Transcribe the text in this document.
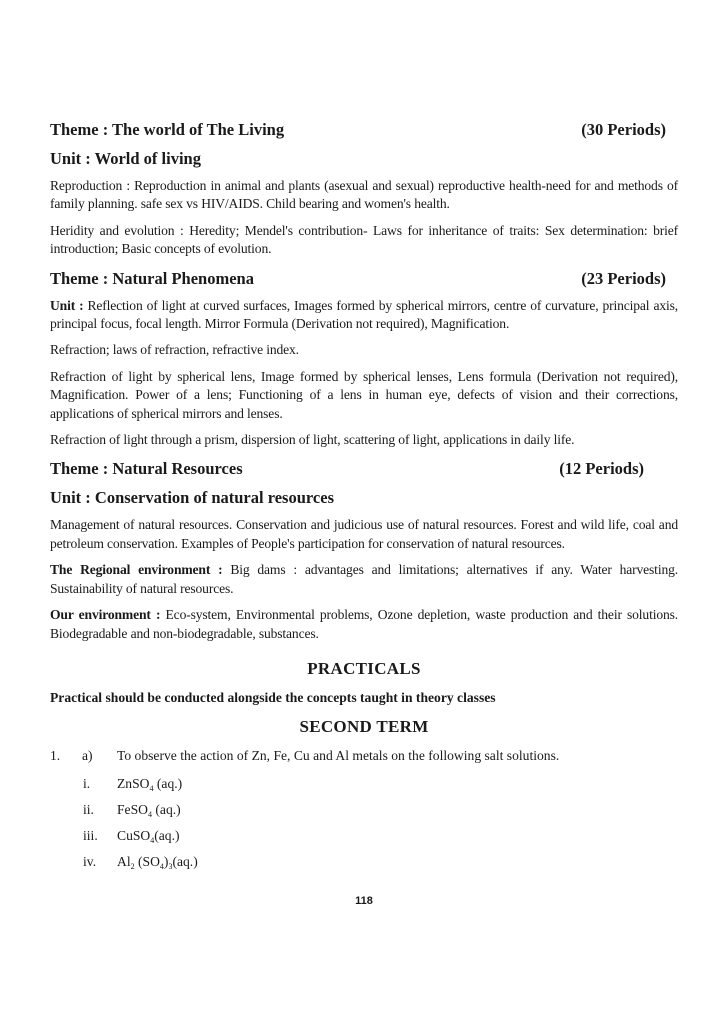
Theme : The world of The Living	(30 Periods)
Unit : World of living

Reproduction : Reproduction in animal and plants (asexual and sexual) reproductive health-need for and methods of family planning. safe sex vs HIV/AIDS. Child bearing and women's health.

Heridity and evolution : Heredity; Mendel's contribution- Laws for inheritance of traits: Sex determination: brief introduction; Basic concepts of evolution.

Theme : Natural Phenomena	(23 Periods)

Unit : Reflection of light at curved surfaces, Images formed by spherical mirrors, centre of curvature, principal axis, principal focus, focal length. Mirror Formula (Derivation not required), Magnification.

Refraction; laws of refraction, refractive index.

Refraction of light by spherical lens, Image formed by spherical lenses, Lens formula (Derivation not required), Magnification. Power of a lens; Functioning of a lens in human eye, defects of vision and their corrections, applications of spherical mirrors and lenses.

Refraction of light through a prism, dispersion of light, scattering of light, applications in daily life.

Theme : Natural Resources	(12 Periods)
Unit : Conservation of natural resources

Management of natural resources. Conservation and judicious use of natural resources. Forest and wild life, coal and petroleum conservation. Examples of People's participation for conservation of natural resources.

The Regional environment : Big dams : advantages and limitations; alternatives if any. Water harvesting. Sustainability of natural resources.

Our environment : Eco-system, Environmental problems, Ozone depletion, waste production and their solutions. Biodegradable and non-biodegradable, substances.

PRACTICALS
Practical should be conducted alongside the concepts taught in theory classes
SECOND TERM
1. a) To observe the action of Zn, Fe, Cu and Al metals on the following salt solutions.
i. ZnSO$_4$ (aq.)
ii. FeSO$_4$ (aq.)
iii. CuSO$_4$(aq.)
iv. $Al_2$ $(SO_4)_3(aq.)$
118
